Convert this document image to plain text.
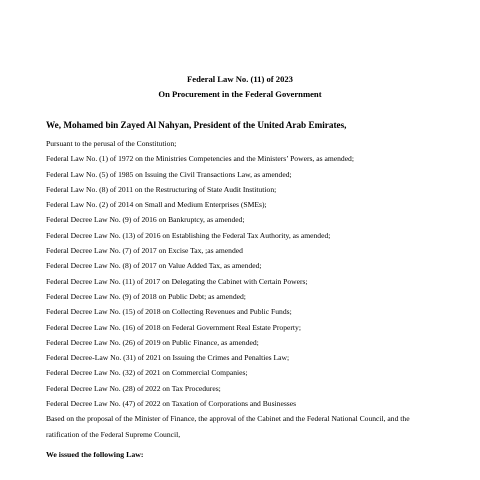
Federal Law No. (11) of 2023
On Procurement in the Federal Government
We, Mohamed bin Zayed Al Nahyan, President of the United Arab Emirates,
Pursuant to the perusal of the Constitution;
Federal Law No. (1) of 1972 on the Ministries Competencies and the Ministers’ Powers, as amended;
Federal Law No. (5) of 1985 on Issuing the Civil Transactions Law, as amended;
Federal Law No. (8) of 2011 on the Restructuring of State Audit Institution;
Federal Law No. (2) of 2014 on Small and Medium Enterprises (SMEs);
Federal Decree Law No. (9) of 2016 on Bankruptcy, as amended;
Federal Decree Law No. (13) of 2016 on Establishing the Federal Tax Authority, as amended;
Federal Decree Law No. (7) of 2017 on Excise Tax, ;as amended
Federal Decree Law No. (8) of 2017 on Value Added Tax, as amended;
Federal Decree Law No. (11) of 2017 on Delegating the Cabinet with Certain Powers;
Federal Decree Law No. (9) of 2018 on Public Debt; as amended;
Federal Decree Law No. (15) of 2018 on Collecting Revenues and Public Funds;
Federal Decree Law No. (16) of 2018 on Federal Government Real Estate Property;
Federal Decree Law No. (26) of 2019 on Public Finance, as amended;
Federal Decree-Law No. (31) of 2021 on Issuing the Crimes and Penalties Law;
Federal Decree Law No. (32) of 2021 on Commercial Companies;
Federal Decree Law No. (28) of 2022 on Tax Procedures;
Federal Decree Law No. (47) of 2022 on Taxation of Corporations and Businesses
Based on the proposal of the Minister of Finance, the approval of the Cabinet and the Federal National Council, and the ratification of the Federal Supreme Council,
We issued the following Law:
